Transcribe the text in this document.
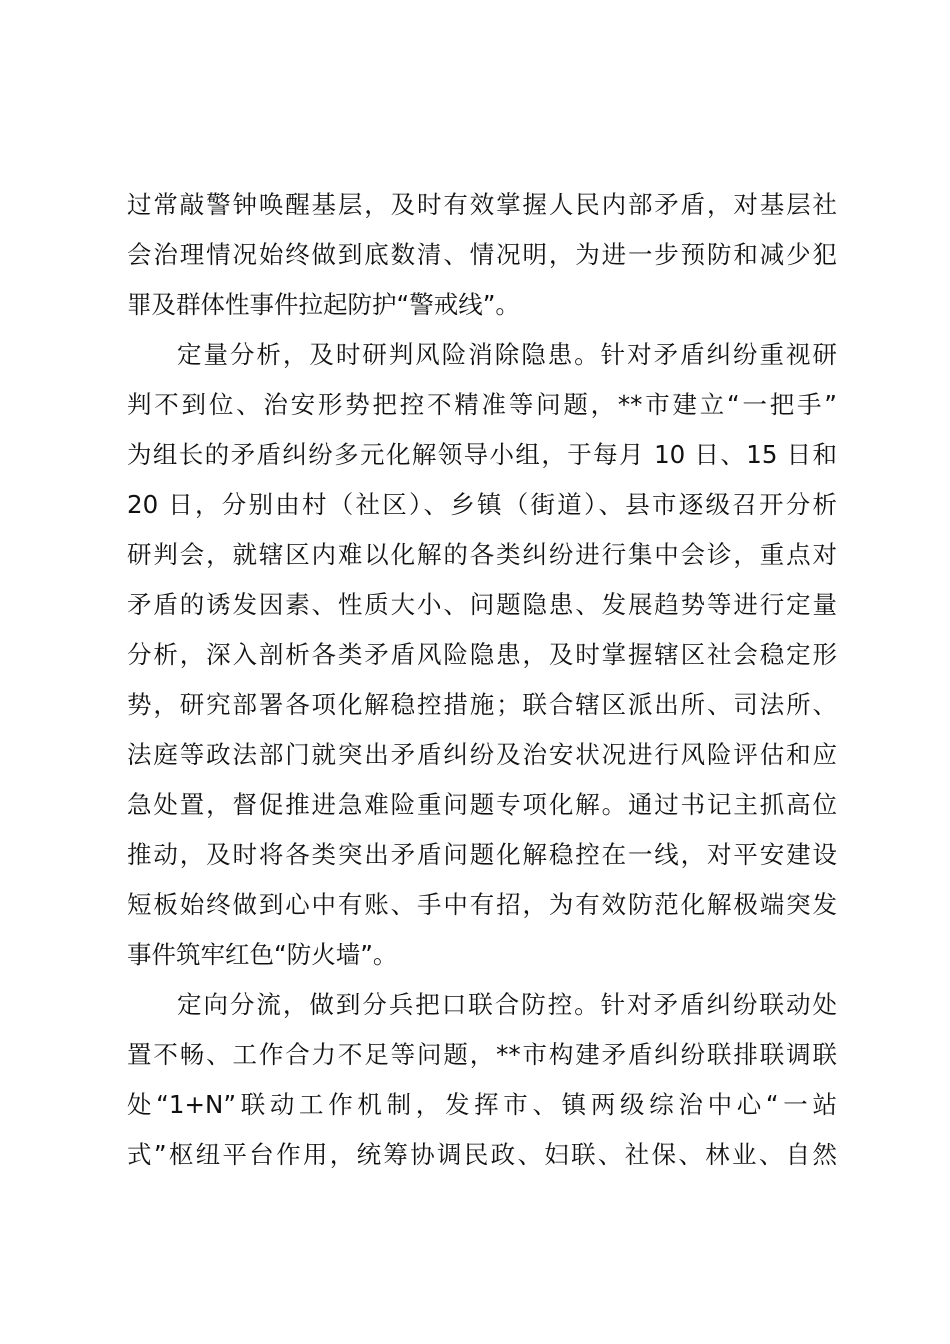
过常敲警钟唤醒基层，及时有效掌握人民内部矛盾，对基层社
会治理情况始终做到底数清、情况明，为进一步预防和减少犯
罪及群体性事件拉起防护“警戒线”。
定量分析，及时研判风险消除隐患。针对矛盾纠纷重视研
判不到位、治安形势把控不精准等问题，**市建立“一把手”
为组长的矛盾纠纷多元化解领导小组，于每月 10 日、15 日和
20 日，分别由村（社区）、乡镇（街道）、县市逐级召开分析
研判会，就辖区内难以化解的各类纠纷进行集中会诊，重点对
矛盾的诱发因素、性质大小、问题隐患、发展趋势等进行定量
分析，深入剖析各类矛盾风险隐患，及时掌握辖区社会稳定形
势，研究部署各项化解稳控措施；联合辖区派出所、司法所、
法庭等政法部门就突出矛盾纠纷及治安状况进行风险评估和应
急处置，督促推进急难险重问题专项化解。通过书记主抓高位
推动，及时将各类突出矛盾问题化解稳控在一线，对平安建设
短板始终做到心中有账、手中有招，为有效防范化解极端突发
事件筑牢红色“防火墙”。
定向分流，做到分兵把口联合防控。针对矛盾纠纷联动处
置不畅、工作合力不足等问题，**市构建矛盾纠纷联排联调联
处“1+N”联动工作机制，发挥市、镇两级综治中心“一站
式”枢纽平台作用，统筹协调民政、妇联、社保、林业、自然
